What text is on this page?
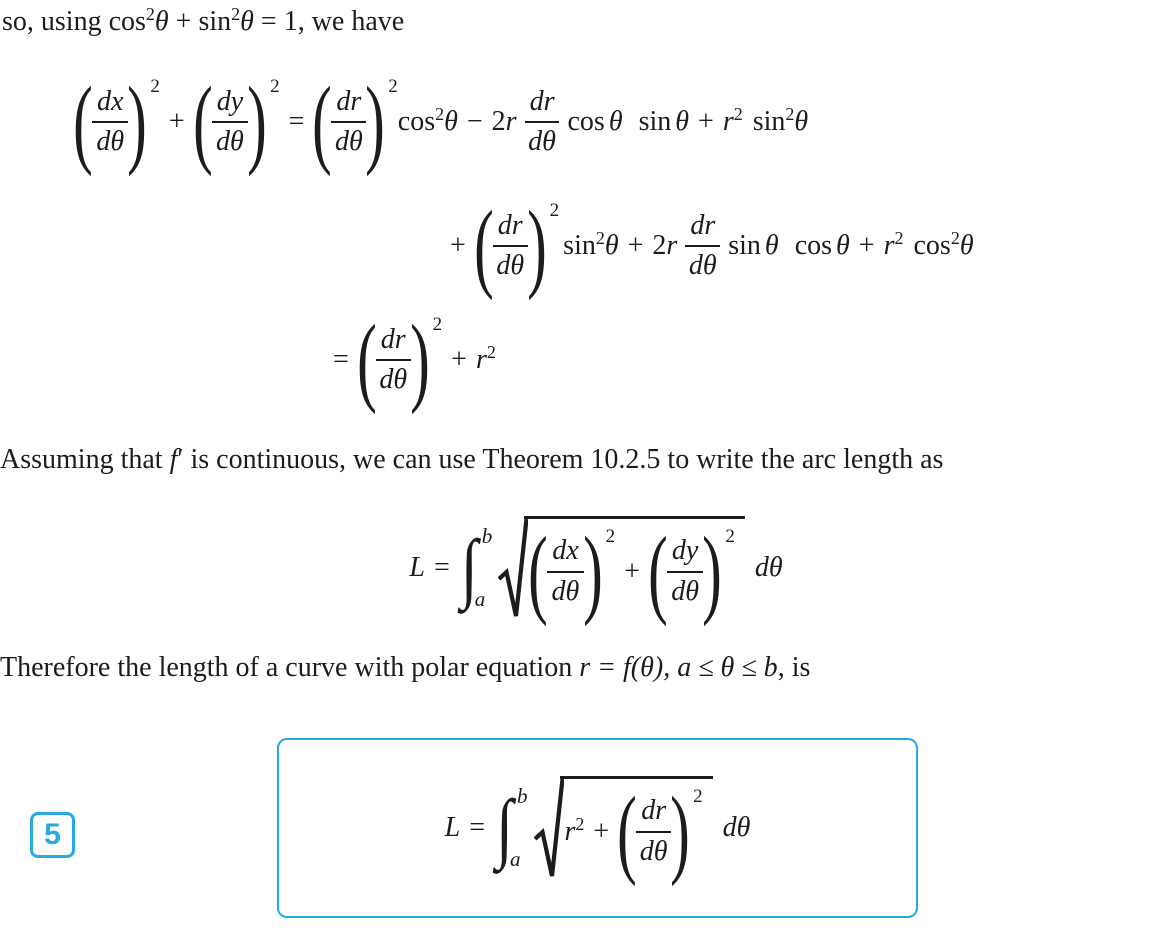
so, using $\cos^2\theta + \sin^2\theta = 1$, we have

( $\frac{dx}{d\theta}$ ) 2
+ ( $\frac{dy}{d\theta}$ ) 2
= ( $\frac{dr}{d\theta}$ ) 2
$\cos^2\theta - 2r \frac{dr}{d\theta}$ cos θ $\sin \theta + r^2$ $\sin^2\theta$
+ ( $\frac{dr}{d\theta}$ ) 2
$\sin^2\theta + 2r \frac{dr}{d\theta}$ sin θ $\cos \theta + r^2$ $\cos^2\theta$
= ( $\frac{dr}{d\theta}$ ) 2
+ $r^2$

Assuming that f′ is continuous, we can use Theorem 10.2.5 to write the arc length as

L = ∫ b
a ( $\frac{dx}{d\theta}$ ) 2
+ ( $\frac{dy}{d\theta}$ ) 2
dθ

Therefore the length of a curve with polar equation r = f(θ), a ≤ θ ≤ b, is

5	L = ∫ b
a
$r^2$ + ( $\frac{dr}{d\theta}$ ) 2
dθ
